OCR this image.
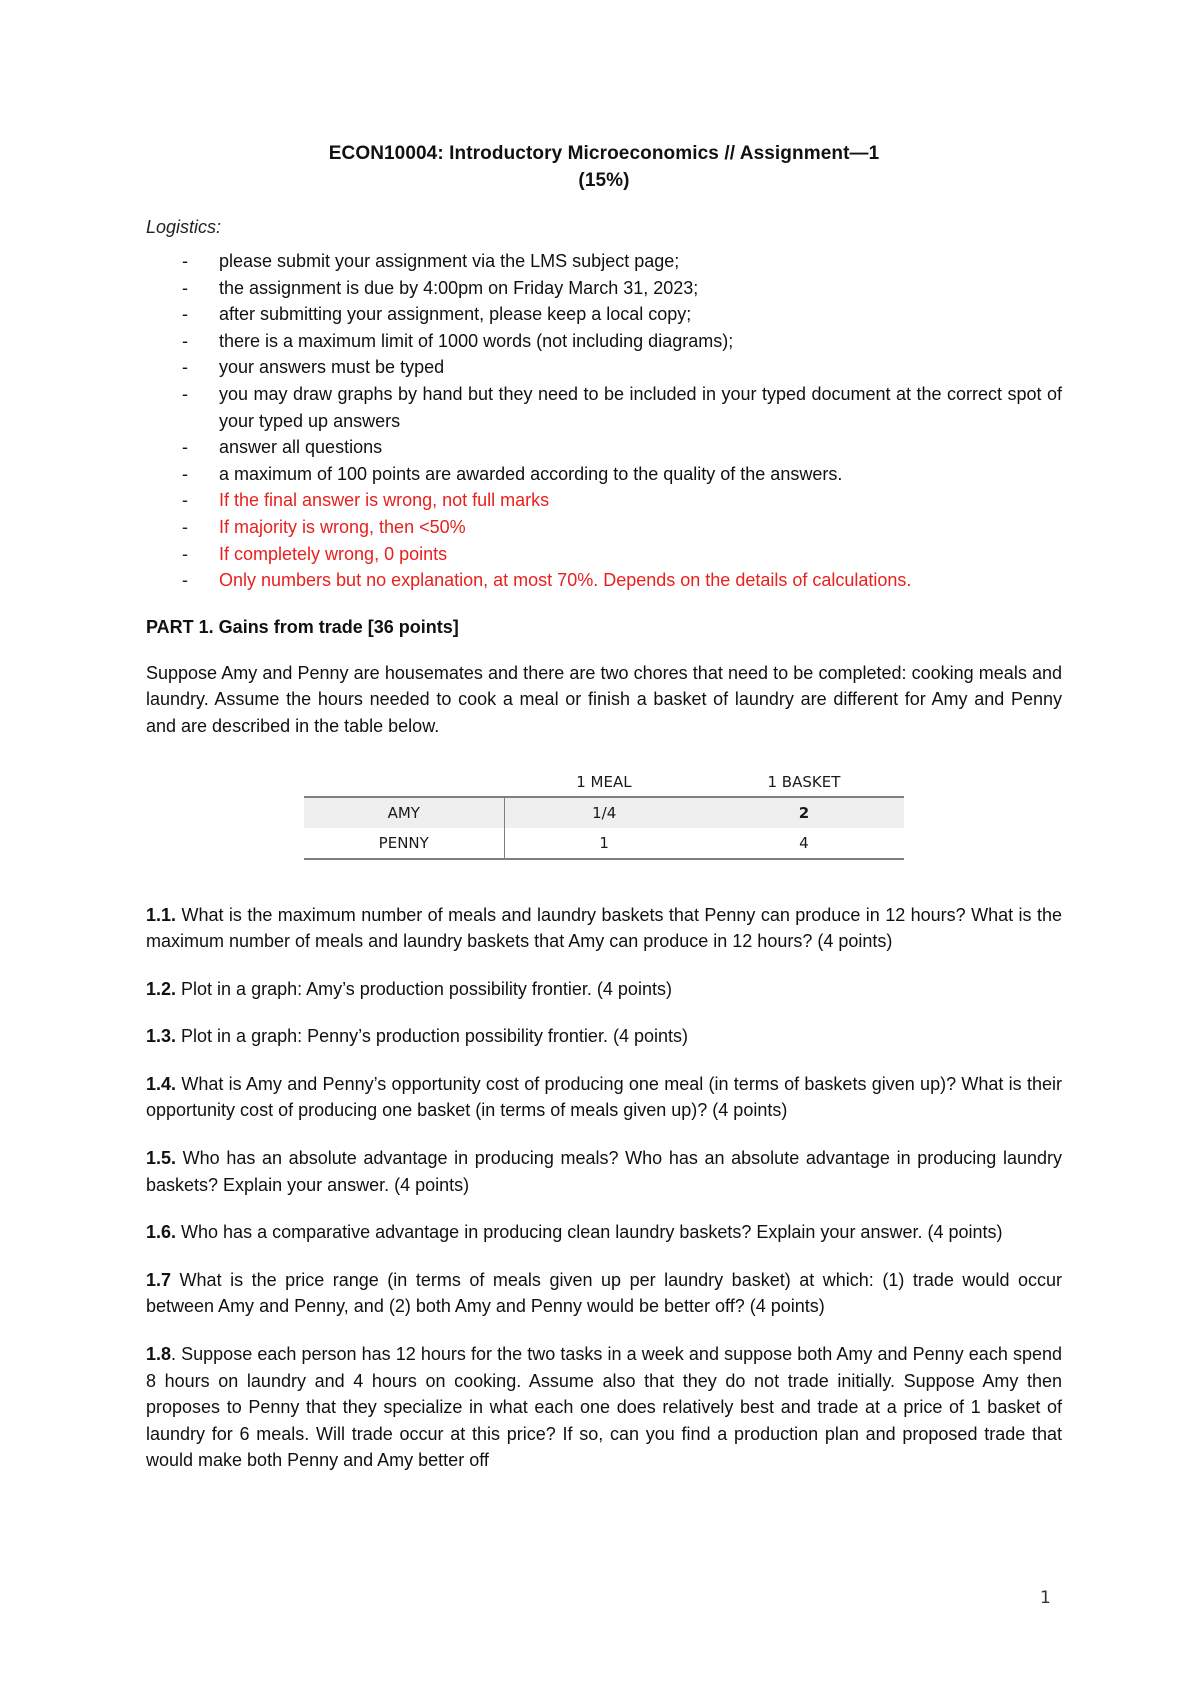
ECON10004: Introductory Microeconomics // Assignment—1
(15%)
Logistics:
- please submit your assignment via the LMS subject page;
- the assignment is due by 4:00pm on Friday March 31, 2023;
- after submitting your assignment, please keep a local copy;
- there is a maximum limit of 1000 words (not including diagrams);
- your answers must be typed
- you may draw graphs by hand but they need to be included in your typed document at the correct spot of your typed up answers
- answer all questions
- a maximum of 100 points are awarded according to the quality of the answers.
- If the final answer is wrong, not full marks
- If majority is wrong, then <50%
- If completely wrong, 0 points
- Only numbers but no explanation, at most 70%. Depends on the details of calculations.
PART 1. Gains from trade [36 points]
Suppose Amy and Penny are housemates and there are two chores that need to be completed: cooking meals and laundry. Assume the hours needed to cook a meal or finish a basket of laundry are different for Amy and Penny and are described in the table below.
	1 MEAL	1 BASKET
AMY	1/4	2
PENNY	1	4
1.1. What is the maximum number of meals and laundry baskets that Penny can produce in 12 hours? What is the maximum number of meals and laundry baskets that Amy can produce in 12 hours? (4 points)
1.2. Plot in a graph: Amy’s production possibility frontier. (4 points)
1.3. Plot in a graph: Penny’s production possibility frontier. (4 points)
1.4. What is Amy and Penny’s opportunity cost of producing one meal (in terms of baskets given up)? What is their opportunity cost of producing one basket (in terms of meals given up)? (4 points)
1.5. Who has an absolute advantage in producing meals? Who has an absolute advantage in producing laundry baskets? Explain your answer. (4 points)
1.6. Who has a comparative advantage in producing clean laundry baskets? Explain your answer. (4 points)
1.7 What is the price range (in terms of meals given up per laundry basket) at which: (1) trade would occur between Amy and Penny, and (2) both Amy and Penny would be better off? (4 points)
1.8. Suppose each person has 12 hours for the two tasks in a week and suppose both Amy and Penny each spend 8 hours on laundry and 4 hours on cooking. Assume also that they do not trade initially. Suppose Amy then proposes to Penny that they specialize in what each one does relatively best and trade at a price of 1 basket of laundry for 6 meals. Will trade occur at this price? If so, can you find a production plan and proposed trade that would make both Penny and Amy better off
1
